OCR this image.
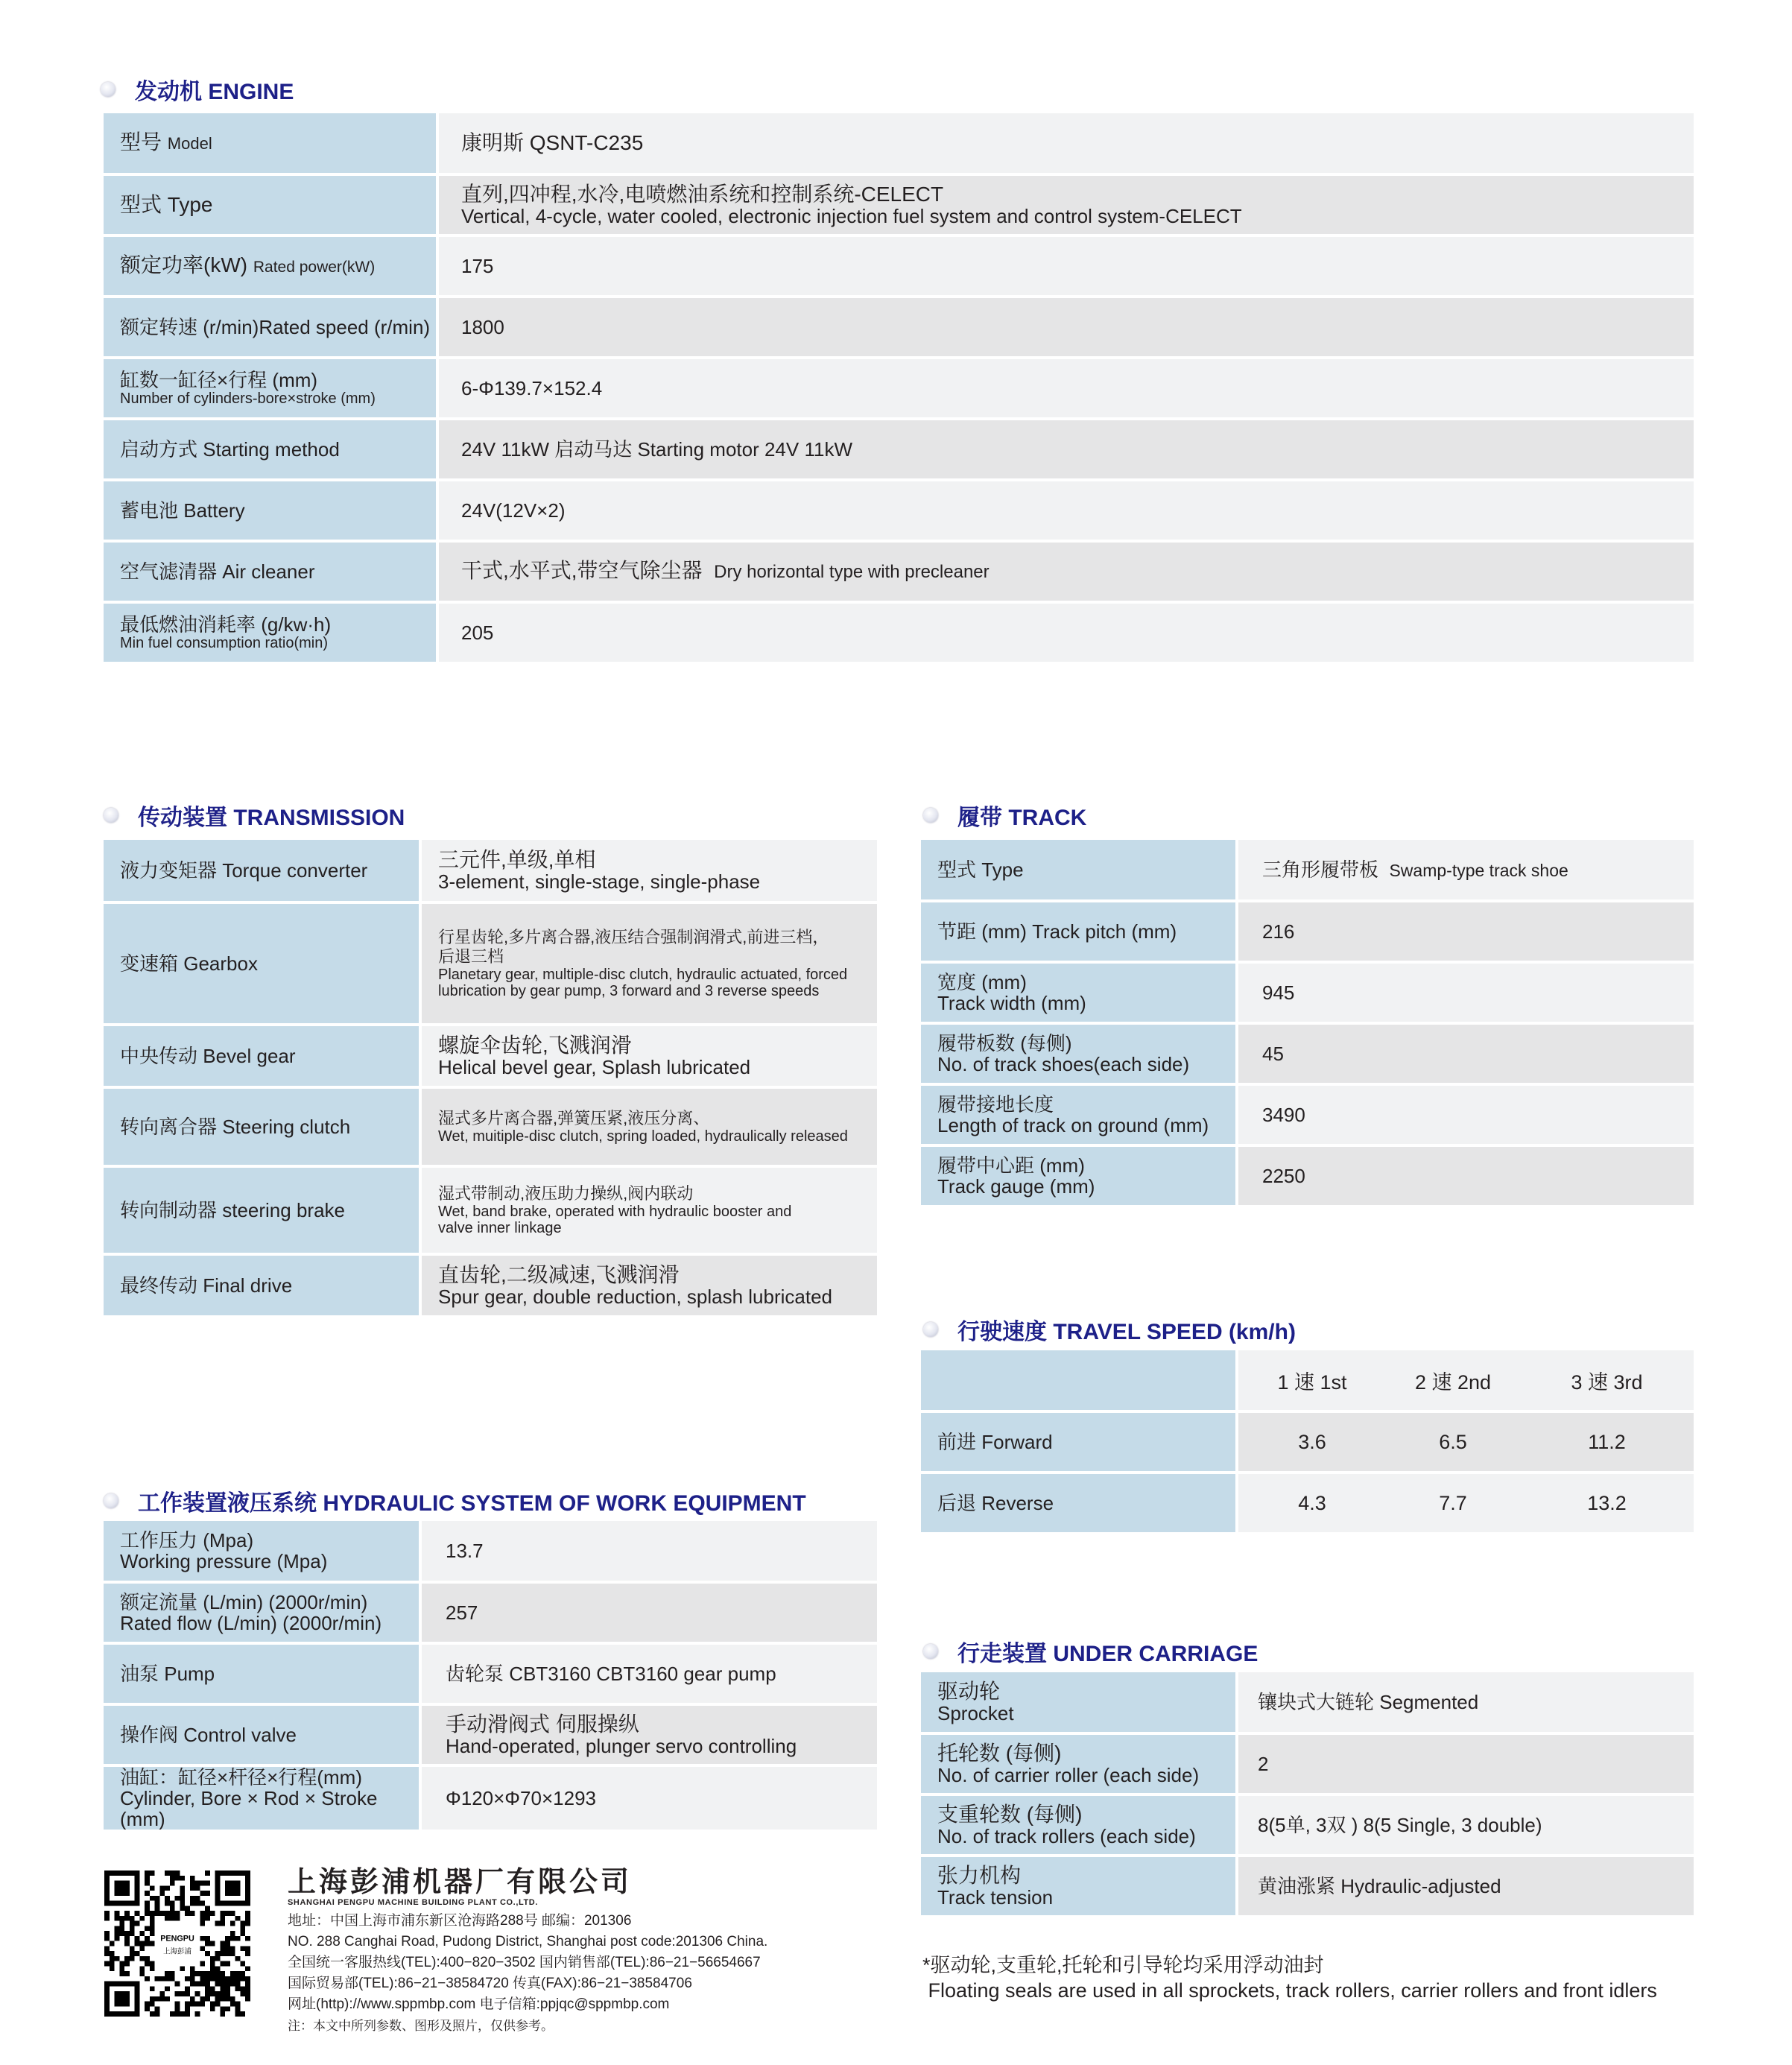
发动机 ENGINE
型号 Model	康明斯 QSNT-C235

型式 Type	直列,四冲程,水冷,电喷燃油系统和控制系统-CELECT
Vertical, 4-cycle, water cooled, electronic injection fuel system and control system-CELECT

额定功率(kW) Rated power(kW)	175

额定转速 (r/min)Rated speed (r/min)	1800

缸数一缸径×行程 (mm)
Number of cylinders-bore×stroke (mm)	6-Φ139.7×152.4

启动方式 Starting method	24V 11kW 启动马达 Starting motor 24V 11kW

蓄电池 Battery	24V(12V×2)

空气滤清器 Air cleaner	干式,水平式,带空气除尘器 Dry horizontal type with precleaner

最低燃油消耗率 (g/kw·h)
Min fuel consumption ratio(min)	205
传动装置 TRANSMISSION
液力变矩器 Torque converter	三元件,单级,单相
3-element, single-stage, single-phase

变速箱 Gearbox	行星齿轮,多片离合器,液压结合强制润滑式,前进三档，
后退三档
Planetary gear, multiple-disc clutch, hydraulic actuated, forced
lubrication by gear pump, 3 forward and 3 reverse speeds

中央传动 Bevel gear	螺旋伞齿轮,飞溅润滑
Helical bevel gear, Splash lubricated

转向离合器 Steering clutch	湿式多片离合器,弹簧压紧,液压分离、
Wet, muitiple-disc clutch, spring loaded, hydraulically released

转向制动器 steering brake	湿式带制动,液压助力操纵,阀内联动
Wet, band brake, operated with hydraulic booster and
valve inner linkage

最终传动 Final drive	直齿轮,二级减速,飞溅润滑
Spur gear, double reduction, splash lubricated
工作装置液压系统 HYDRAULIC SYSTEM OF WORK EQUIPMENT
工作压力 (Mpa)
Working pressure (Mpa)	13.7

额定流量 (L/min) (2000r/min)
Rated flow (L/min) (2000r/min)	257

油泵 Pump	齿轮泵 CBT3160 CBT3160 gear pump

操作阀 Control valve	手动滑阀式 伺服操纵
Hand-operated, plunger servo controlling

油缸：缸径×杆径×行程(mm)
Cylinder, Bore × Rod × Stroke (mm)	Φ120×Φ70×1293
履带 TRACK
型式 Type	三角形履带板 Swamp-type track shoe

节距 (mm) Track pitch (mm)	216

宽度 (mm)
Track width (mm)	945

履带板数 (每侧)
No. of track shoes(each side)	45

履带接地长度
Length of track on ground (mm)	3490

履带中心距 (mm)
Track gauge (mm)	2250
行驶速度 TRAVEL SPEED (km/h)
	1 速 1st	2 速 2nd	3 速 3rd

前进 Forward	3.6	6.5	11.2

后退 Reverse	4.3	7.7	13.2
行走装置 UNDER CARRIAGE
驱动轮
Sprocket	镶块式大链轮 Segmented

托轮数 (每侧)
No. of carrier roller (each side)	2

支重轮数 (每侧)
No. of track rollers (each side)	8(5单, 3双 ) 8(5 Single, 3 double)

张力机构
Track tension	黄油涨紧 Hydraulic-adjusted
*驱动轮,支重轮,托轮和引导轮均采用浮动油封
Floating seals are used in all sprockets, track rollers, carrier rollers and front idlers
PENGPU
上海彭浦
上海彭浦机器厂有限公司
SHANGHAI PENGPU MACHINE BUILDING PLANT CO.,LTD.
地址：中国上海市浦东新区沧海路288号 邮编：201306
NO. 288 Canghai Road, Pudong District, Shanghai post code:201306 China.
全国统一客服热线(TEL):400−820−3502 国内销售部(TEL):86−21−56654667
国际贸易部(TEL):86−21−38584720 传真(FAX):86−21−38584706
网址(http)://www.sppmbp.com 电子信箱:ppjqc@sppmbp.com
注：本文中所列参数、图形及照片，仅供参考。
